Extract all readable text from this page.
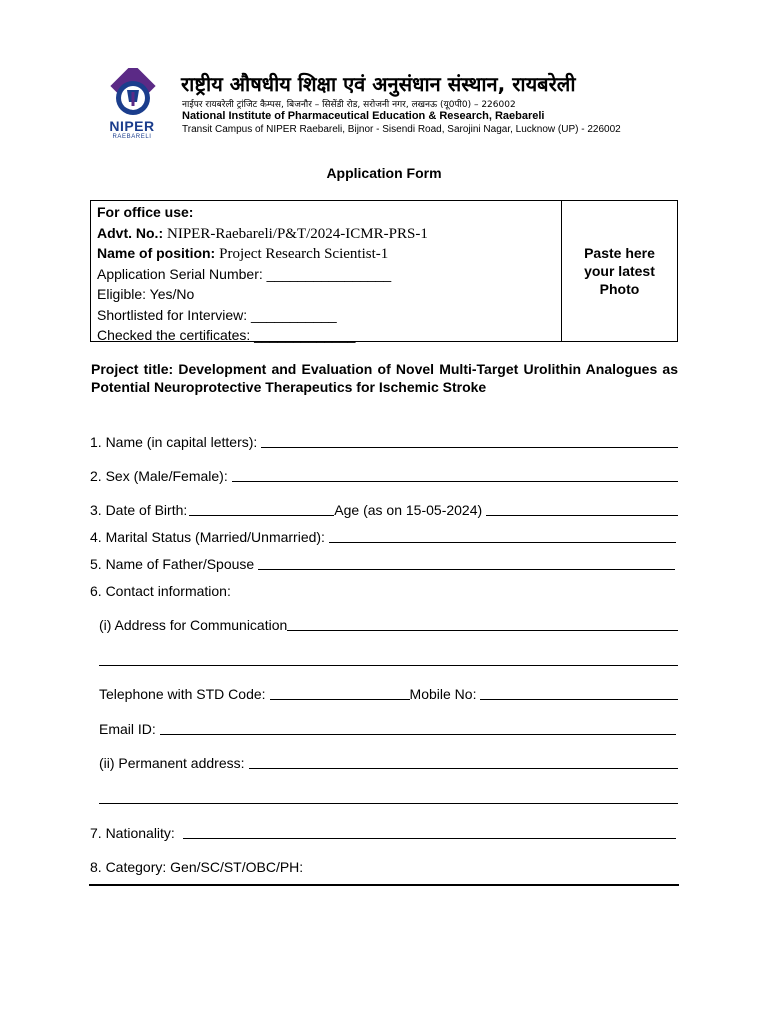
NIPER
RAEBARELI
राष्ट्रीय औषधीय शिक्षा एवं अनुसंधान संस्थान, रायबरेली
नाईपर रायबरेली ट्रांजिट कैम्पस, बिजनौर – सिसेंडी रोड, सरोजनी नगर, लखनऊ (यू0पी0) – 226002
National Institute of Pharmaceutical Education & Research, Raebareli
Transit Campus of NIPER Raebareli, Bijnor - Sisendi Road, Sarojini Nagar, Lucknow (UP) - 226002
Application Form
For office use:
Advt. No.: NIPER-Raebareli/P&T/2024-ICMR-PRS-1
Name of position: Project Research Scientist-1
Application Serial Number: ________________
Eligible: Yes/No
Shortlisted for Interview: ___________
Checked the certificates: _____________
Paste here
your latest
Photo
Project title: Development and Evaluation of Novel Multi-Target Urolithin Analogues as Potential Neuroprotective Therapeutics for Ischemic Stroke
1. Name (in capital letters):
2. Sex (Male/Female):
3. Date of Birth:	Age (as on 15-05-2024)
4. Marital Status (Married/Unmarried):
5. Name of Father/Spouse
6. Contact information:
(i) Address for Communication
Telephone with STD Code:	Mobile No:
Email ID:
(ii) Permanent address:
7. Nationality:
8. Category: Gen/SC/ST/OBC/PH:
